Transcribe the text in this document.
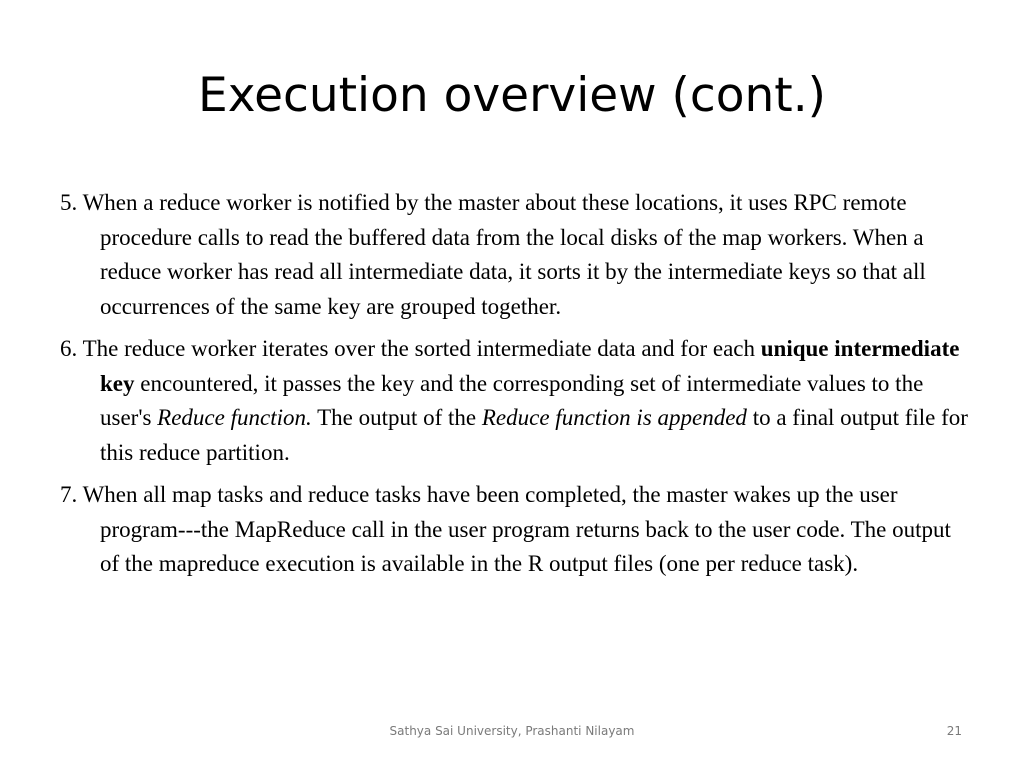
Execution overview (cont.)

5. When a reduce worker is notified by the master about these locations, it uses RPC remote procedure calls to read the buffered data from the local disks of the map workers. When a reduce worker has read all intermediate data, it sorts it by the intermediate keys so that all occurrences of the same key are grouped together.

6. The reduce worker iterates over the sorted intermediate data and for each unique intermediate key encountered, it passes the key and the corresponding set of intermediate values to the user's Reduce function. The output of the Reduce function is appended to a final output file for this reduce partition.

7. When all map tasks and reduce tasks have been completed, the master wakes up the user program---the MapReduce call in the user program returns back to the user code. The output of the mapreduce execution is available in the R output files (one per reduce task).

Sathya Sai University, Prashanti Nilayam	21
